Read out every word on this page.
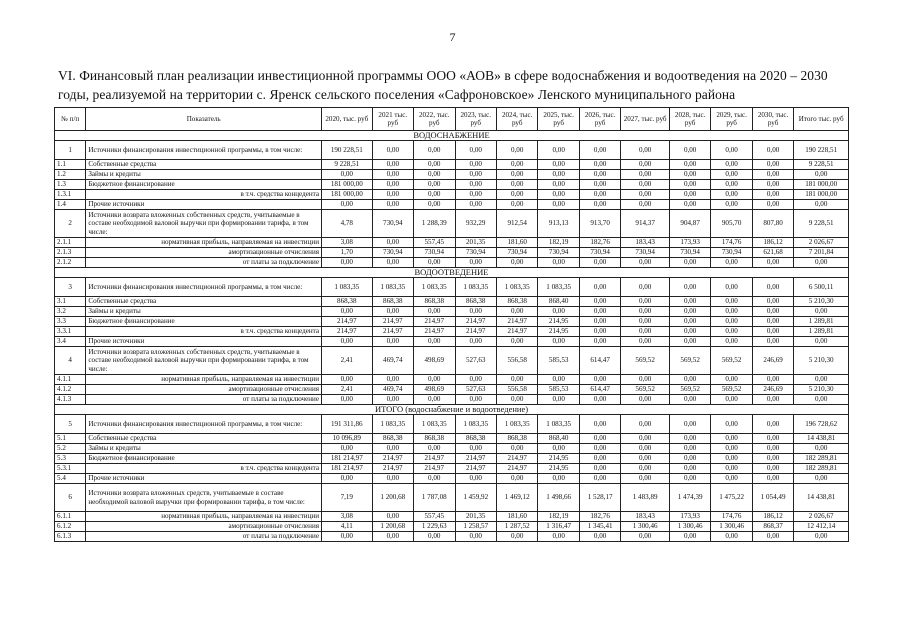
7
VI. Финансовый план реализации инвестиционной программы ООО «АОВ» в сфере водоснабжения и водоотведения на 2020 – 2030 годы, реализуемой на территории с. Яренск сельского поселения «Сафроновское» Ленского муниципального района
№ п/п	Показатель	2020, тыс. руб	2021 тыс. руб	2022, тыс. руб	2023, тыс. руб	2024, тыс. руб	2025, тыс. руб	2026, тыс. руб	2027, тыс. руб	2028, тыс. руб	2029, тыс. руб	2030, тыс. руб	Итого тыс. руб
ВОДОСНАБЖЕНИЕ													
1	Источники финансирования инвестиционной программы, в том числе:	190 228,51	0,00	0,00	0,00	0,00	0,00	0,00	0,00	0,00	0,00	0,00	190 228,51
1.1	Собственные средства	9 228,51	0,00	0,00	0,00	0,00	0,00	0,00	0,00	0,00	0,00	0,00	9 228,51
1.2	Займы и кредиты	0,00	0,00	0,00	0,00	0,00	0,00	0,00	0,00	0,00	0,00	0,00	0,00
1.3	Бюджетное финансирование	181 000,00	0,00	0,00	0,00	0,00	0,00	0,00	0,00	0,00	0,00	0,00	181 000,00
1.3.1	в т.ч. средства концедента	181 000,00	0,00	0,00	0,00	0,00	0,00	0,00	0,00	0,00	0,00	0,00	181 000,00
1.4	Прочие источники	0,00	0,00	0,00	0,00	0,00	0,00	0,00	0,00	0,00	0,00	0,00	0,00
2	Источники возврата вложенных собственных средств, учитываемые в составе необходимой валовой выручки при формировании тарифа, в том числе:	4,78	730,94	1 288,39	932,29	912,54	913,13	913,70	914,37	904,87	905,70	807,80	9 228,51
2.1.1	нормативная прибыль, направляемая на инвестиции	3,08	0,00	557,45	201,35	181,60	182,19	182,76	183,43	173,93	174,76	186,12	2 026,67
2.1.3	амортизационные отчисления	1,70	730,94	730,94	730,94	730,94	730,94	730,94	730,94	730,94	730,94	621,68	7 201,84
2.1.2	от платы за подключение	0,00	0,00	0,00	0,00	0,00	0,00	0,00	0,00	0,00	0,00	0,00	0,00
ВОДООТВЕДЕНИЕ													
3	Источники финансирования инвестиционной программы, в том числе:	1 083,35	1 083,35	1 083,35	1 083,35	1 083,35	1 083,35	0,00	0,00	0,00	0,00	0,00	6 500,11
3.1	Собственные средства	868,38	868,38	868,38	868,38	868,38	868,40	0,00	0,00	0,00	0,00	0,00	5 210,30
3.2	Займы и кредиты	0,00	0,00	0,00	0,00	0,00	0,00	0,00	0,00	0,00	0,00	0,00	0,00
3.3	Бюджетное финансирование	214,97	214,97	214,97	214,97	214,97	214,95	0,00	0,00	0,00	0,00	0,00	1 289,81
3.3.1	в т.ч. средства концедента	214,97	214,97	214,97	214,97	214,97	214,95	0,00	0,00	0,00	0,00	0,00	1 289,81
3.4	Прочие источники	0,00	0,00	0,00	0,00	0,00	0,00	0,00	0,00	0,00	0,00	0,00	0,00
4	Источники возврата вложенных собственных средств, учитываемые в составе необходимой валовой выручки при формировании тарифа, в том числе:	2,41	469,74	498,69	527,63	556,58	585,53	614,47	569,52	569,52	569,52	246,69	5 210,30
4.1.1	нормативная прибыль, направляемая на инвестиции	0,00	0,00	0,00	0,00	0,00	0,00	0,00	0,00	0,00	0,00	0,00	0,00
4.1.2	амортизационные отчисления	2,41	469,74	498,69	527,63	556,58	585,53	614,47	569,52	569,52	569,52	246,69	5 210,30
4.1.3	от платы за подключение	0,00	0,00	0,00	0,00	0,00	0,00	0,00	0,00	0,00	0,00	0,00	0,00
ИТОГО (водоснабжение и водоотведение)													
5	Источники финансирования инвестиционной программы, в том числе:	191 311,86	1 083,35	1 083,35	1 083,35	1 083,35	1 083,35	0,00	0,00	0,00	0,00	0,00	196 728,62
5.1	Собственные средства	10 096,89	868,38	868,38	868,38	868,38	868,40	0,00	0,00	0,00	0,00	0,00	14 438,81
5.2	Займы и кредиты	0,00	0,00	0,00	0,00	0,00	0,00	0,00	0,00	0,00	0,00	0,00	0,00
5.3	Бюджетное финансирование	181 214,97	214,97	214,97	214,97	214,97	214,95	0,00	0,00	0,00	0,00	0,00	182 289,81
5.3.1	в т.ч. средства концедента	181 214,97	214,97	214,97	214,97	214,97	214,95	0,00	0,00	0,00	0,00	0,00	182 289,81
5.4	Прочие источники	0,00	0,00	0,00	0,00	0,00	0,00	0,00	0,00	0,00	0,00	0,00	0,00
6	Источники возврата вложенных средств, учитываемые в составе необходимой валовой выручки при формировании тарифа, в том числе:	7,19	1 200,68	1 787,08	1 459,92	1 469,12	1 498,66	1 528,17	1 483,89	1 474,39	1 475,22	1 054,49	14 438,81
6.1.1	нормативная прибыль, направляемая на инвестиции	3,08	0,00	557,45	201,35	181,60	182,19	182,76	183,43	173,93	174,76	186,12	2 026,67
6.1.2	амортизационные отчисления	4,11	1 200,68	1 229,63	1 258,57	1 287,52	1 316,47	1 345,41	1 300,46	1 300,46	1 300,46	868,37	12 412,14
6.1.3	от платы за подключение	0,00	0,00	0,00	0,00	0,00	0,00	0,00	0,00	0,00	0,00	0,00	0,00
